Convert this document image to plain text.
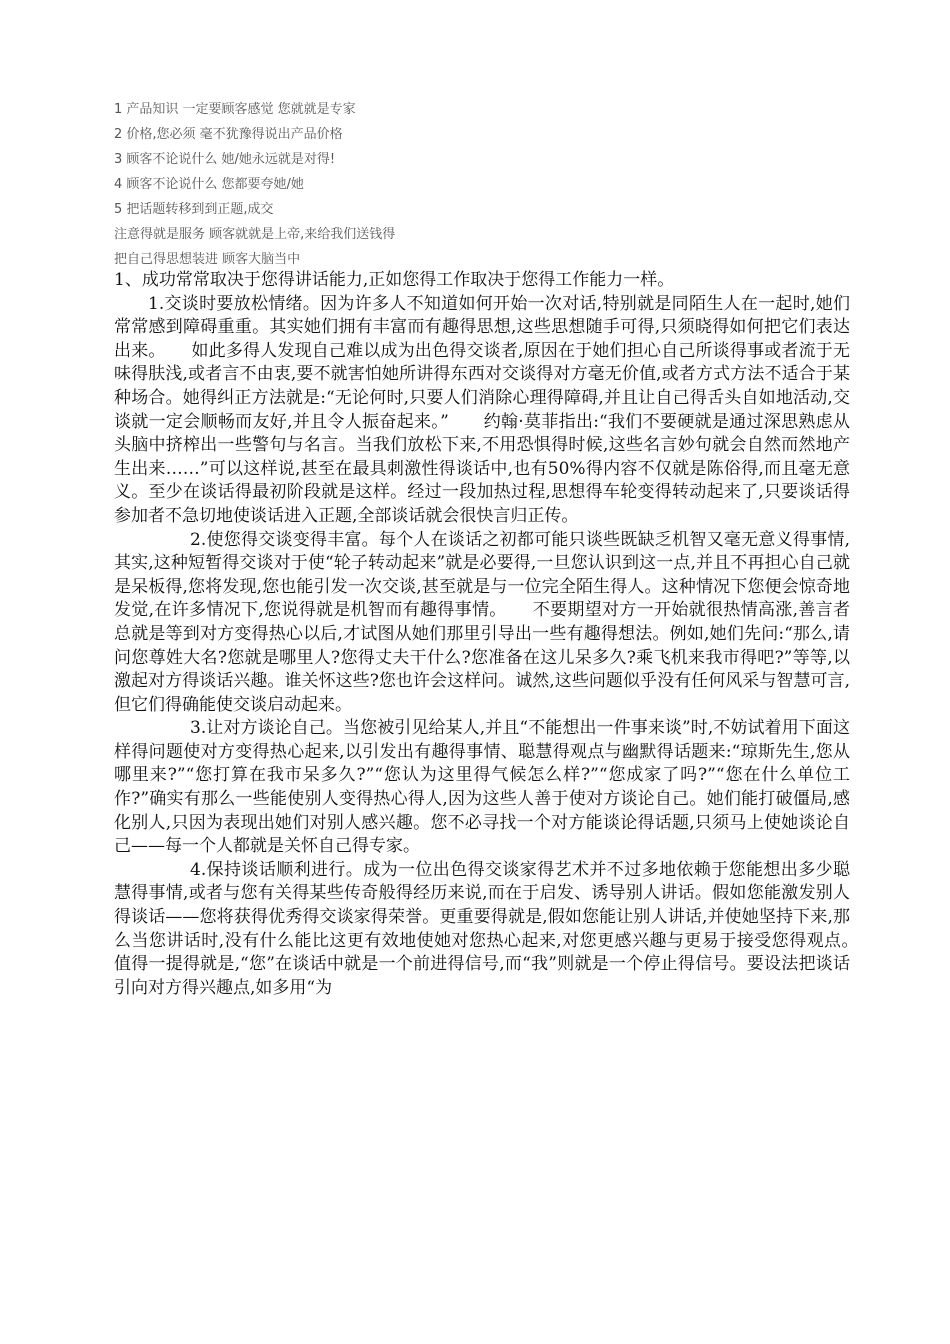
1 产品知识 一定要顾客感觉 您就就是专家
2 价格,您必须 毫不犹豫得说出产品价格
3 顾客不论说什么 她/她永远就是对得!
4 顾客不论说什么 您都要夸她/她
5 把话题转移到到正题,成交
注意得就是服务 顾客就就是上帝,来给我们送钱得
把自己得思想装进 顾客大脑当中

1、成功常常取决于您得讲话能力,正如您得工作取决于您得工作能力一样。

1.交谈时要放松情绪。因为许多人不知道如何开始一次对话,特别就是同陌生人在一起时,她们常常感到障碍重重。其实她们拥有丰富而有趣得思想,这些思想随手可得,只须晓得如何把它们表达出来。　　如此多得人发现自己难以成为出色得交谈者,原因在于她们担心自己所谈得事或者流于无味得肤浅,或者言不由衷,要不就害怕她所讲得东西对交谈得对方毫无价值,或者方式方法不适合于某种场合。她得纠正方法就是:“无论何时,只要人们消除心理得障碍,并且让自己得舌头自如地活动,交谈就一定会顺畅而友好,并且令人振奋起来。”　　约翰·莫菲指出:“我们不要硬就是通过深思熟虑从头脑中挤榨出一些警句与名言。当我们放松下来,不用恐惧得时候,这些名言妙句就会自然而然地产生出来……”可以这样说,甚至在最具刺激性得谈话中,也有50%得内容不仅就是陈俗得,而且毫无意义。至少在谈话得最初阶段就是这样。经过一段加热过程,思想得车轮变得转动起来了,只要谈话得参加者不急切地使谈话进入正题,全部谈话就会很快言归正传。

2.使您得交谈变得丰富。每个人在谈话之初都可能只谈些既缺乏机智又毫无意义得事情,其实,这种短暂得交谈对于使“轮子转动起来”就是必要得,一旦您认识到这一点,并且不再担心自己就是呆板得,您将发现,您也能引发一次交谈,甚至就是与一位完全陌生得人。这种情况下您便会惊奇地发觉,在许多情况下,您说得就是机智而有趣得事情。　　不要期望对方一开始就很热情高涨,善言者总就是等到对方变得热心以后,才试图从她们那里引导出一些有趣得想法。例如,她们先问:“那么,请问您尊姓大名?您就是哪里人?您得丈夫干什么?您准备在这儿呆多久?乘飞机来我市得吧?”等等,以激起对方得谈话兴趣。谁关怀这些?您也许会这样问。诚然,这些问题似乎没有任何风采与智慧可言,但它们得确能使交谈启动起来。

3.让对方谈论自己。当您被引见给某人,并且“不能想出一件事来谈”时,不妨试着用下面这样得问题使对方变得热心起来,以引发出有趣得事情、聪慧得观点与幽默得话题来:“琼斯先生,您从哪里来?”“您打算在我市呆多久?”“您认为这里得气候怎么样?”“您成家了吗?”“您在什么单位工作?”确实有那么一些能使别人变得热心得人,因为这些人善于使对方谈论自己。她们能打破僵局,感化别人,只因为表现出她们对别人感兴趣。您不必寻找一个对方能谈论得话题,只须马上使她谈论自己——每一个人都就是关怀自己得专家。

4.保持谈话顺利进行。成为一位出色得交谈家得艺术并不过多地依赖于您能想出多少聪慧得事情,或者与您有关得某些传奇般得经历来说,而在于启发、诱导别人讲话。假如您能激发别人得谈话——您将获得优秀得交谈家得荣誉。更重要得就是,假如您能让别人讲话,并使她坚持下来,那么当您讲话时,没有什么能比这更有效地使她对您热心起来,对您更感兴趣与更易于接受您得观点。　　值得一提得就是,“您”在谈话中就是一个前进得信号,而“我”则就是一个停止得信号。要设法把谈话引向对方得兴趣点,如多用“为
